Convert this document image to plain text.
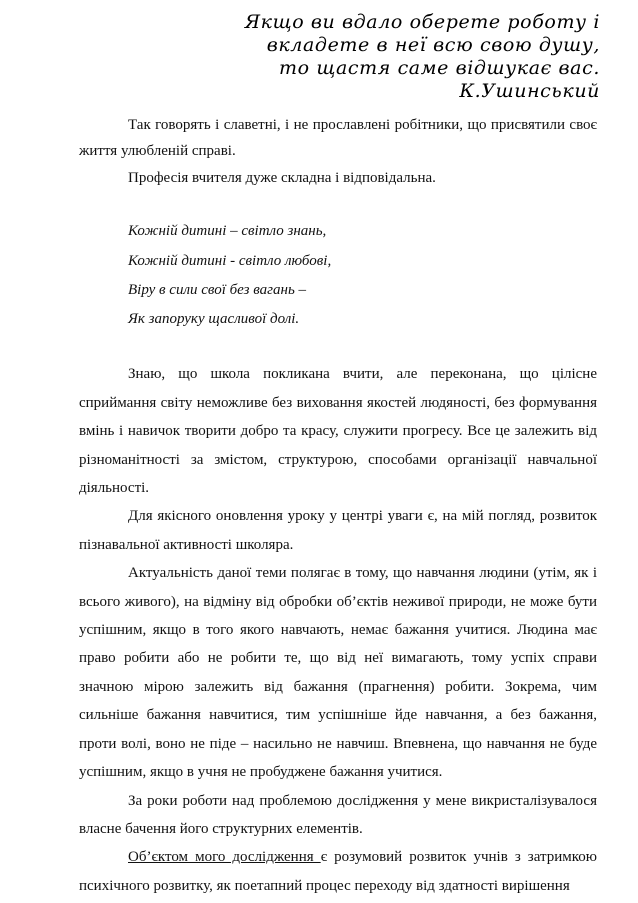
Якщо ви вдало оберете роботу і
вкладете в неї всю свою душу,
то щастя саме відшукає вас.
К.Ушинський

Так говорять і славетні, і не прославлені робітники, що присвятили своє життя улюбленій справі.

Професія вчителя дуже складна і відповідальна.

Кожній дитині – світло знань,
Кожній дитині - світло любові,
Віру в сили свої без вагань –
Як запоруку щасливої долі.

Знаю, що школа покликана вчити, але переконана, що цілісне сприймання світу неможливе без виховання якостей людяності, без формування вмінь і навичок творити добро та красу, служити прогресу. Все це залежить від різноманітності за змістом, структурою, способами організації навчальної діяльності.

Для якісного оновлення уроку у центрі уваги є, на мій погляд, розвиток пізнавальної активності школяра.

Актуальність даної теми полягає в тому, що навчання людини (утім, як і всього живого), на відміну від обробки об’єктів неживої природи, не може бути успішним, якщо в того якого навчають, немає бажання учитися. Людина має право робити або не робити те, що від неї вимагають, тому успіх справи значною мірою залежить від бажання (прагнення) робити. Зокрема, чим сильніше бажання навчитися, тим успішніше йде навчання, а без бажання, проти волі, воно не піде – насильно не навчиш. Впевнена, що навчання не буде успішним, якщо в учня не пробуджене бажання учитися.

За роки роботи над проблемою дослідження у мене викристалізувалося власне бачення його структурних елементів.

Об’єктом мого дослідження є розумовий розвиток учнів з затримкою психічного розвитку, як поетапний процес переходу від здатності вирішення
